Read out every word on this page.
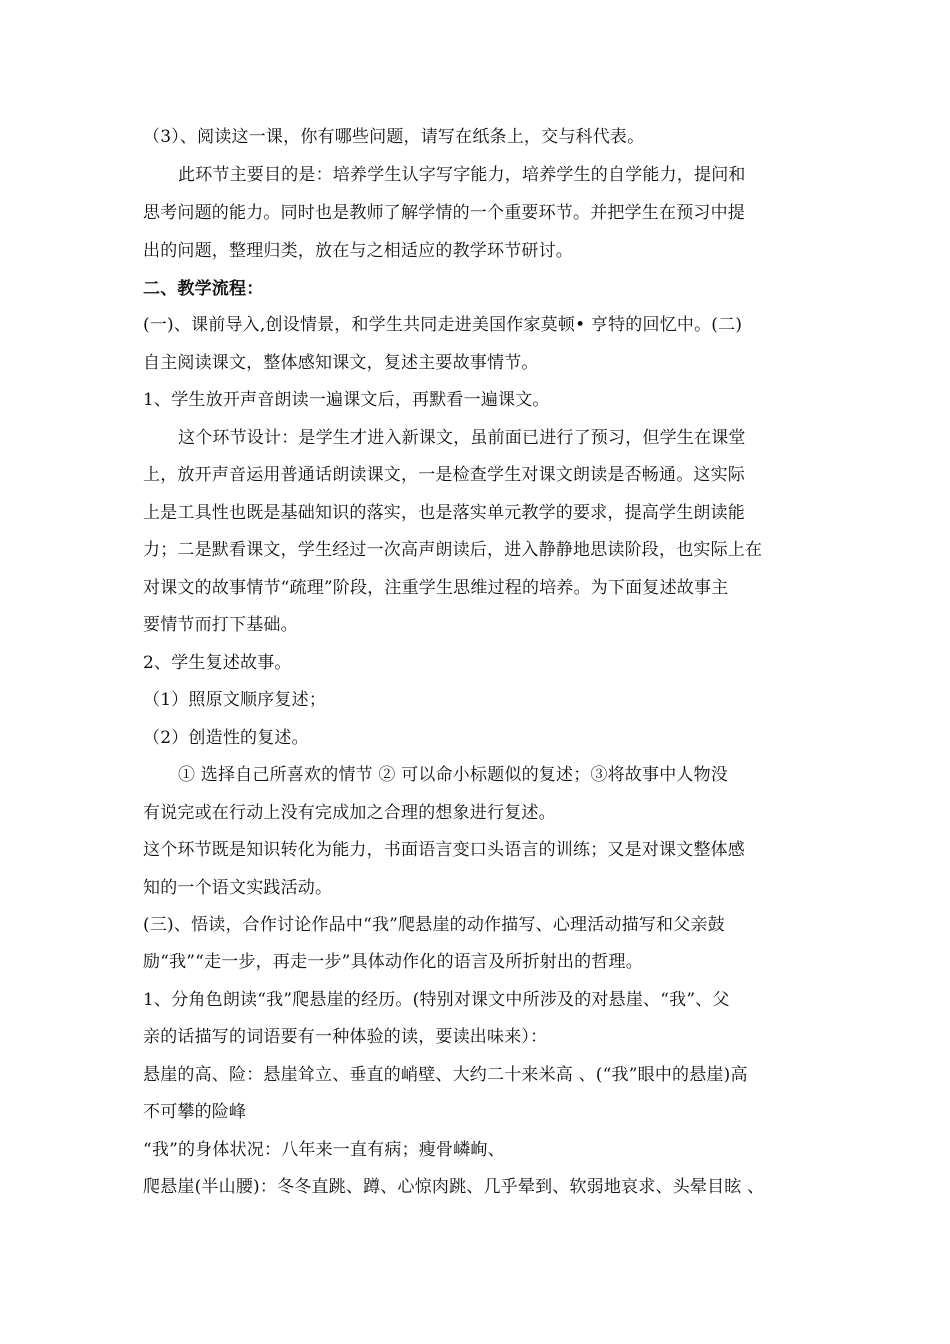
（3）、阅读这一课，你有哪些问题，请写在纸条上，交与科代表。
此环节主要目的是：培养学生认字写字能力，培养学生的自学能力，提问和
思考问题的能力。同时也是教师了解学情的一个重要环节。并把学生在预习中提
出的问题，整理归类，放在与之相适应的教学环节研讨。
二、教学流程：
(一)、课前导入,创设情景，和学生共同走进美国作家莫顿• 亨特的回忆中。(二)
自主阅读课文，整体感知课文，复述主要故事情节。
1、学生放开声音朗读一遍课文后，再默看一遍课文。
这个环节设计：是学生才进入新课文，虽前面已进行了预习，但学生在课堂
上，放开声音运用普通话朗读课文，一是检查学生对课文朗读是否畅通。这实际
上是工具性也既是基础知识的落实，也是落实单元教学的要求，提高学生朗读能
力；二是默看课文，学生经过一次高声朗读后，进入静静地思读阶段，也实际上在
对课文的故事情节“疏理”阶段，注重学生思维过程的培养。为下面复述故事主
要情节而打下基础。
2、学生复述故事。
（1）照原文顺序复述；
（2）创造性的复述。
① 选择自己所喜欢的情节 ② 可以命小标题似的复述；③将故事中人物没
有说完或在行动上没有完成加之合理的想象进行复述。
这个环节既是知识转化为能力，书面语言变口头语言的训练；又是对课文整体感
知的一个语文实践活动。
(三)、悟读，合作讨论作品中“我”爬悬崖的动作描写、心理活动描写和父亲鼓
励“我”“走一步，再走一步”具体动作化的语言及所折射出的哲理。
1、分角色朗读“我”爬悬崖的经历。(特别对课文中所涉及的对悬崖、“我”、父
亲的话描写的词语要有一种体验的读，要读出味来）：
悬崖的高、险：悬崖耸立、垂直的峭壁、大约二十来米高 、(“我”眼中的悬崖)高
不可攀的险峰
“我”的身体状况：八年来一直有病；瘦骨嶙峋、
爬悬崖(半山腰)：冬冬直跳、蹲、心惊肉跳、几乎晕到、软弱地哀求、头晕目眩 、
